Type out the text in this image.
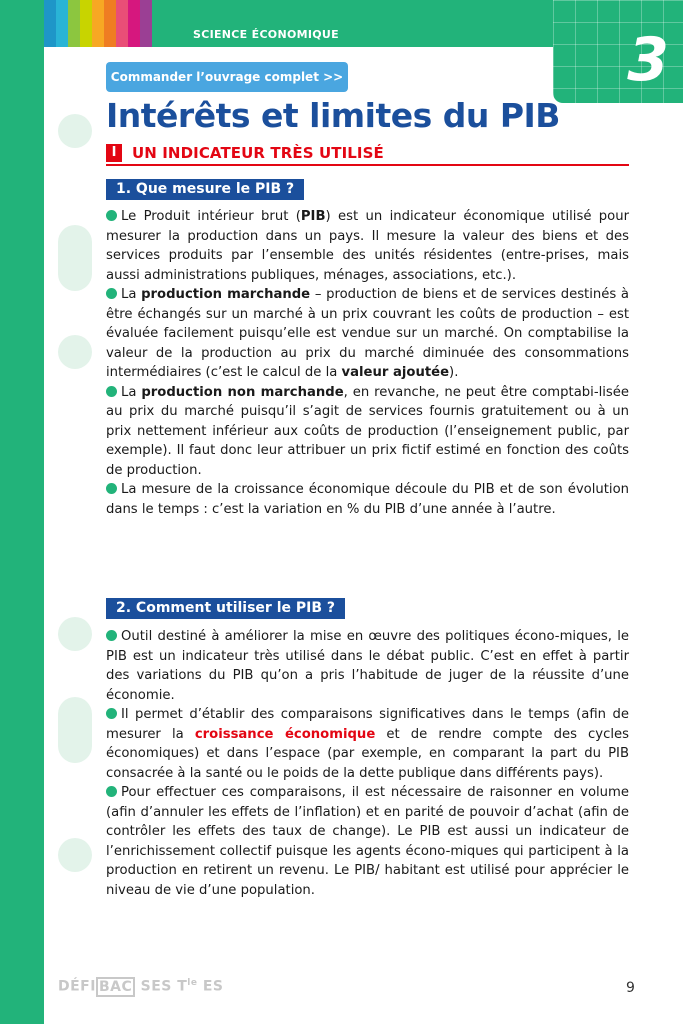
SCIENCE ÉCONOMIQUE	3
Commander l’ouvrage complet >>
Intérêts et limites du PIB
I	UN INDICATEUR TRÈS UTILISÉ
1. Que mesure le PIB ?

Le Produit intérieur brut (PIB) est un indicateur économique utilisé pour mesurer la production dans un pays. Il mesure la valeur des biens et des services produits par l’ensemble des unités résidentes (entre-prises, mais aussi administrations publiques, ménages, associations, etc.).

La production marchande – production de biens et de services destinés à être échangés sur un marché à un prix couvrant les coûts de production – est évaluée facilement puisqu’elle est vendue sur un marché. On comptabilise la valeur de la production au prix du marché diminuée des consommations intermédiaires (c’est le calcul de la valeur ajoutée).

La production non marchande, en revanche, ne peut être comptabi-lisée au prix du marché puisqu’il s’agit de services fournis gratuitement ou à un prix nettement inférieur aux coûts de production (l’enseignement public, par exemple). Il faut donc leur attribuer un prix fictif estimé en fonction des coûts de production.

La mesure de la croissance économique découle du PIB et de son évolution dans le temps : c’est la variation en % du PIB d’une année à l’autre.

2. Comment utiliser le PIB ?

Outil destiné à améliorer la mise en œuvre des politiques écono-miques, le PIB est un indicateur très utilisé dans le débat public. C’est en effet à partir des variations du PIB qu’on a pris l’habitude de juger de la réussite d’une économie.

Il permet d’établir des comparaisons significatives dans le temps (afin de mesurer la croissance économique et de rendre compte des cycles économiques) et dans l’espace (par exemple, en comparant la part du PIB consacrée à la santé ou le poids de la dette publique dans différents pays).

Pour effectuer ces comparaisons, il est nécessaire de raisonner en volume (afin d’annuler les effets de l’inflation) et en parité de pouvoir d’achat (afin de contrôler les effets des taux de change). Le PIB est aussi un indicateur de l’enrichissement collectif puisque les agents écono-miques qui participent à la production en retirent un revenu. Le PIB/ habitant est utilisé pour apprécier le niveau de vie d’une population.

DÉFI BAC SES $T^{le}$ ES	9
